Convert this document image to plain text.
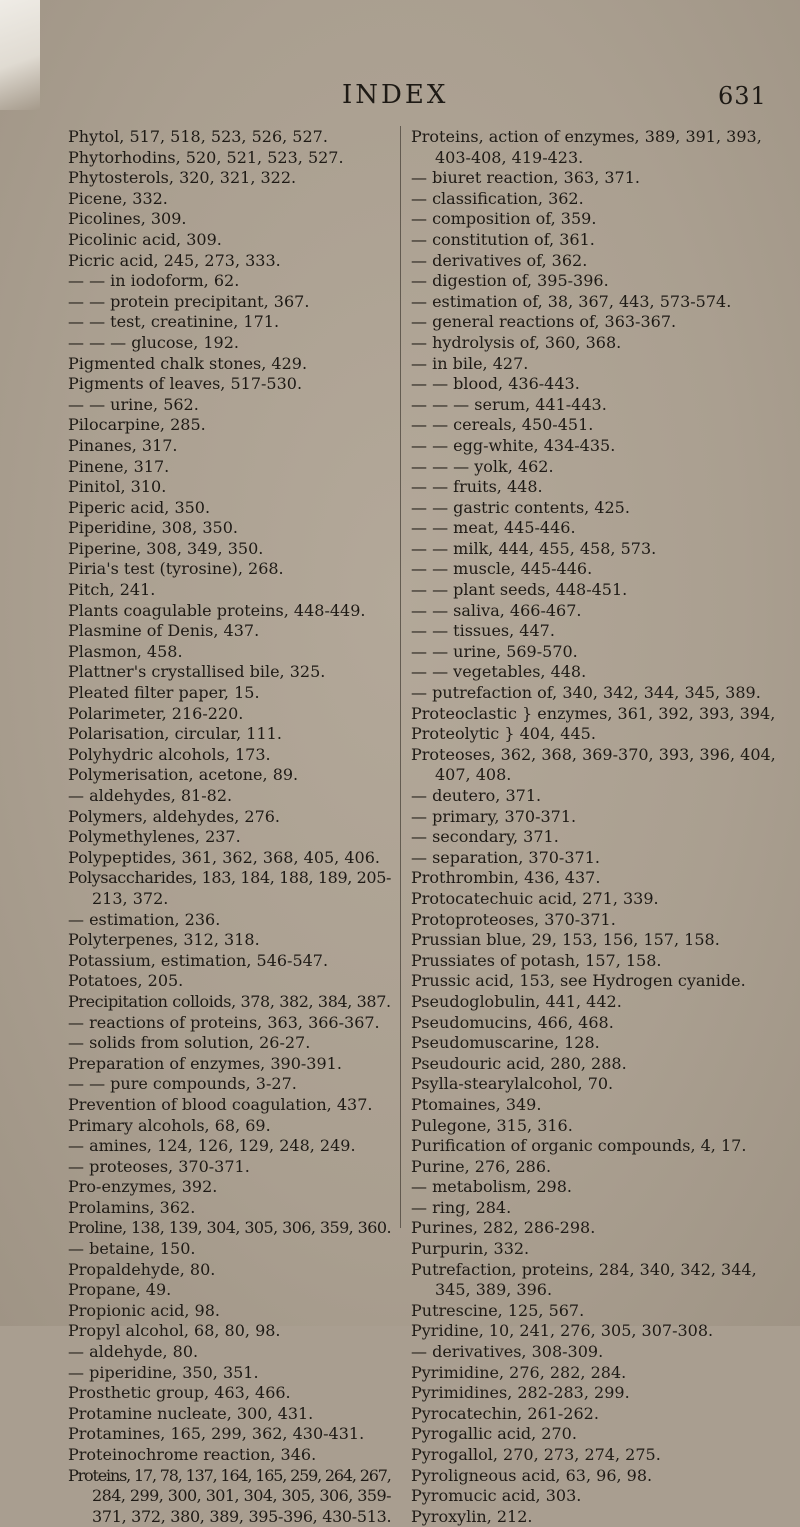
INDEX	631
Phytol, 517, 518, 523, 526, 527.
Phytorhodins, 520, 521, 523, 527.
Phytosterols, 320, 321, 322.
Picene, 332.
Picolines, 309.
Picolinic acid, 309.
Picric acid, 245, 273, 333.
— — in iodoform, 62.
— — protein precipitant, 367.
— — test, creatinine, 171.
— — — glucose, 192.
Pigmented chalk stones, 429.
Pigments of leaves, 517-530.
— — urine, 562.
Pilocarpine, 285.
Pinanes, 317.
Pinene, 317.
Pinitol, 310.
Piperic acid, 350.
Piperidine, 308, 350.
Piperine, 308, 349, 350.
Piria's test (tyrosine), 268.
Pitch, 241.
Plants coagulable proteins, 448-449.
Plasmine of Denis, 437.
Plasmon, 458.
Plattner's crystallised bile, 325.
Pleated filter paper, 15.
Polarimeter, 216-220.
Polarisation, circular, 111.
Polyhydric alcohols, 173.
Polymerisation, acetone, 89.
— aldehydes, 81-82.
Polymers, aldehydes, 276.
Polymethylenes, 237.
Polypeptides, 361, 362, 368, 405, 406.
Polysaccharides, 183, 184, 188, 189, 205-
213, 372.
— estimation, 236.
Polyterpenes, 312, 318.
Potassium, estimation, 546-547.
Potatoes, 205.
Precipitation colloids, 378, 382, 384, 387.
— reactions of proteins, 363, 366-367.
— solids from solution, 26-27.
Preparation of enzymes, 390-391.
— — pure compounds, 3-27.
Prevention of blood coagulation, 437.
Primary alcohols, 68, 69.
— amines, 124, 126, 129, 248, 249.
— proteoses, 370-371.
Pro-enzymes, 392.
Prolamins, 362.
Proline, 138, 139, 304, 305, 306, 359, 360.
— betaine, 150.
Propaldehyde, 80.
Propane, 49.
Propionic acid, 98.
Propyl alcohol, 68, 80, 98.
— aldehyde, 80.
— piperidine, 350, 351.
Prosthetic group, 463, 466.
Protamine nucleate, 300, 431.
Protamines, 165, 299, 362, 430-431.
Proteinochrome reaction, 346.
Proteins, 17, 78, 137, 164, 165, 259, 264, 267,
284, 299, 300, 301, 304, 305, 306, 359-
371, 372, 380, 389, 395-396, 430-513.
Proteins, action of enzymes, 389, 391, 393,
403-408, 419-423.
— biuret reaction, 363, 371.
— classification, 362.
— composition of, 359.
— constitution of, 361.
— derivatives of, 362.
— digestion of, 395-396.
— estimation of, 38, 367, 443, 573-574.
— general reactions of, 363-367.
— hydrolysis of, 360, 368.
— in bile, 427.
— — blood, 436-443.
— — — serum, 441-443.
— — cereals, 450-451.
— — egg-white, 434-435.
— — — yolk, 462.
— — fruits, 448.
— — gastric contents, 425.
— — meat, 445-446.
— — milk, 444, 455, 458, 573.
— — muscle, 445-446.
— — plant seeds, 448-451.
— — saliva, 466-467.
— — tissues, 447.
— — urine, 569-570.
— — vegetables, 448.
— putrefaction of, 340, 342, 344, 345, 389.
Proteoclastic } enzymes, 361, 392, 393, 394,
Proteolytic } 404, 445.
Proteoses, 362, 368, 369-370, 393, 396, 404,
407, 408.
— deutero, 371.
— primary, 370-371.
— secondary, 371.
— separation, 370-371.
Prothrombin, 436, 437.
Protocatechuic acid, 271, 339.
Protoproteoses, 370-371.
Prussian blue, 29, 153, 156, 157, 158.
Prussiates of potash, 157, 158.
Prussic acid, 153, see Hydrogen cyanide.
Pseudoglobulin, 441, 442.
Pseudomucins, 466, 468.
Pseudomuscarine, 128.
Pseudouric acid, 280, 288.
Psylla-stearylalcohol, 70.
Ptomaines, 349.
Pulegone, 315, 316.
Purification of organic compounds, 4, 17.
Purine, 276, 286.
— metabolism, 298.
— ring, 284.
Purines, 282, 286-298.
Purpurin, 332.
Putrefaction, proteins, 284, 340, 342, 344,
345, 389, 396.
Putrescine, 125, 567.
Pyridine, 10, 241, 276, 305, 307-308.
— derivatives, 308-309.
Pyrimidine, 276, 282, 284.
Pyrimidines, 282-283, 299.
Pyrocatechin, 261-262.
Pyrogallic acid, 270.
Pyrogallol, 270, 273, 274, 275.
Pyroligneous acid, 63, 96, 98.
Pyromucic acid, 303.
Pyroxylin, 212.
